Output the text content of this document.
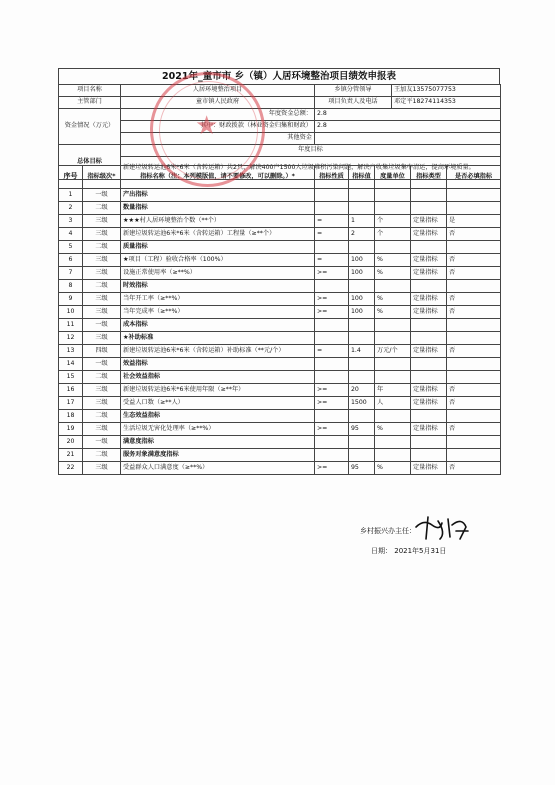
2021年_童市市 乡（镇）人居环境整治项目绩效申报表
项目名称	人居环境整治项目	乡镇分管领导	王加友13575077753
主管部门	童市镇人民政府	项目负责人及电话	邓定平18274114353
资金情况（万元）	年度资金总额：	2.8	
	其中：财政拨款（林业资金归集和财政）	2.8	
	其他资金		
总体目标	年度目标		
	新建垃圾转运池6米*6米（含转运箱）共2只，解决400户1500人垃圾堆积污染问题，解决户收集垃圾集中清运，提高环境质量。		
序号	指标级次*	指标名称（注：本列模版值，请不要修改，可以删除。）*	指标性质	指标值	度量单位	指标类型	是否必填指标
1	一级	产出指标					
2	二级	数量指标					
3	三级	★★★村人居环境整治个数（**个）	=	1	个	定量指标	是
4	三级	新建垃圾转运池6米*6米（含转运箱）工程量（≥**个）	=	2	个	定量指标	否
5	二级	质量指标					
6	三级	★项目（工程）验收合格率（100%）	=	100	%	定量指标	否
7	三级	设施正常使用率（≥**%）	>=	100	%	定量指标	否
8	二级	时效指标					
9	三级	当年开工率（≥**%）	>=	100	%	定量指标	否
10	三级	当年完成率（≥**%）	>=	100	%	定量指标	否
11	一级	成本指标					
12	三级	★补助标准					
13	四级	新建垃圾转运池6米*6米（含转运箱）补助标准（**元/个）	=	1.4	万元/个	定量指标	否
14	一级	效益指标					
15	二级	社会效益指标					
16	三级	新建垃圾转运池6米*6米使用年限（≥**年）	>=	20	年	定量指标	否
17	三级	受益人口数（≥**人）	>=	1500	人	定量指标	否
18	二级	生态效益指标					
19	三级	生活垃圾无害化处理率（≥**%）	>=	95	%	定量指标	否
20	一级	满意度指标					
21	二级	服务对象满意度指标					
22	三级	受益群众人口满意度（≥**%）	>=	95	%	定量指标	否
★
乡村振兴办主任：
日期： 2021年5月31日
